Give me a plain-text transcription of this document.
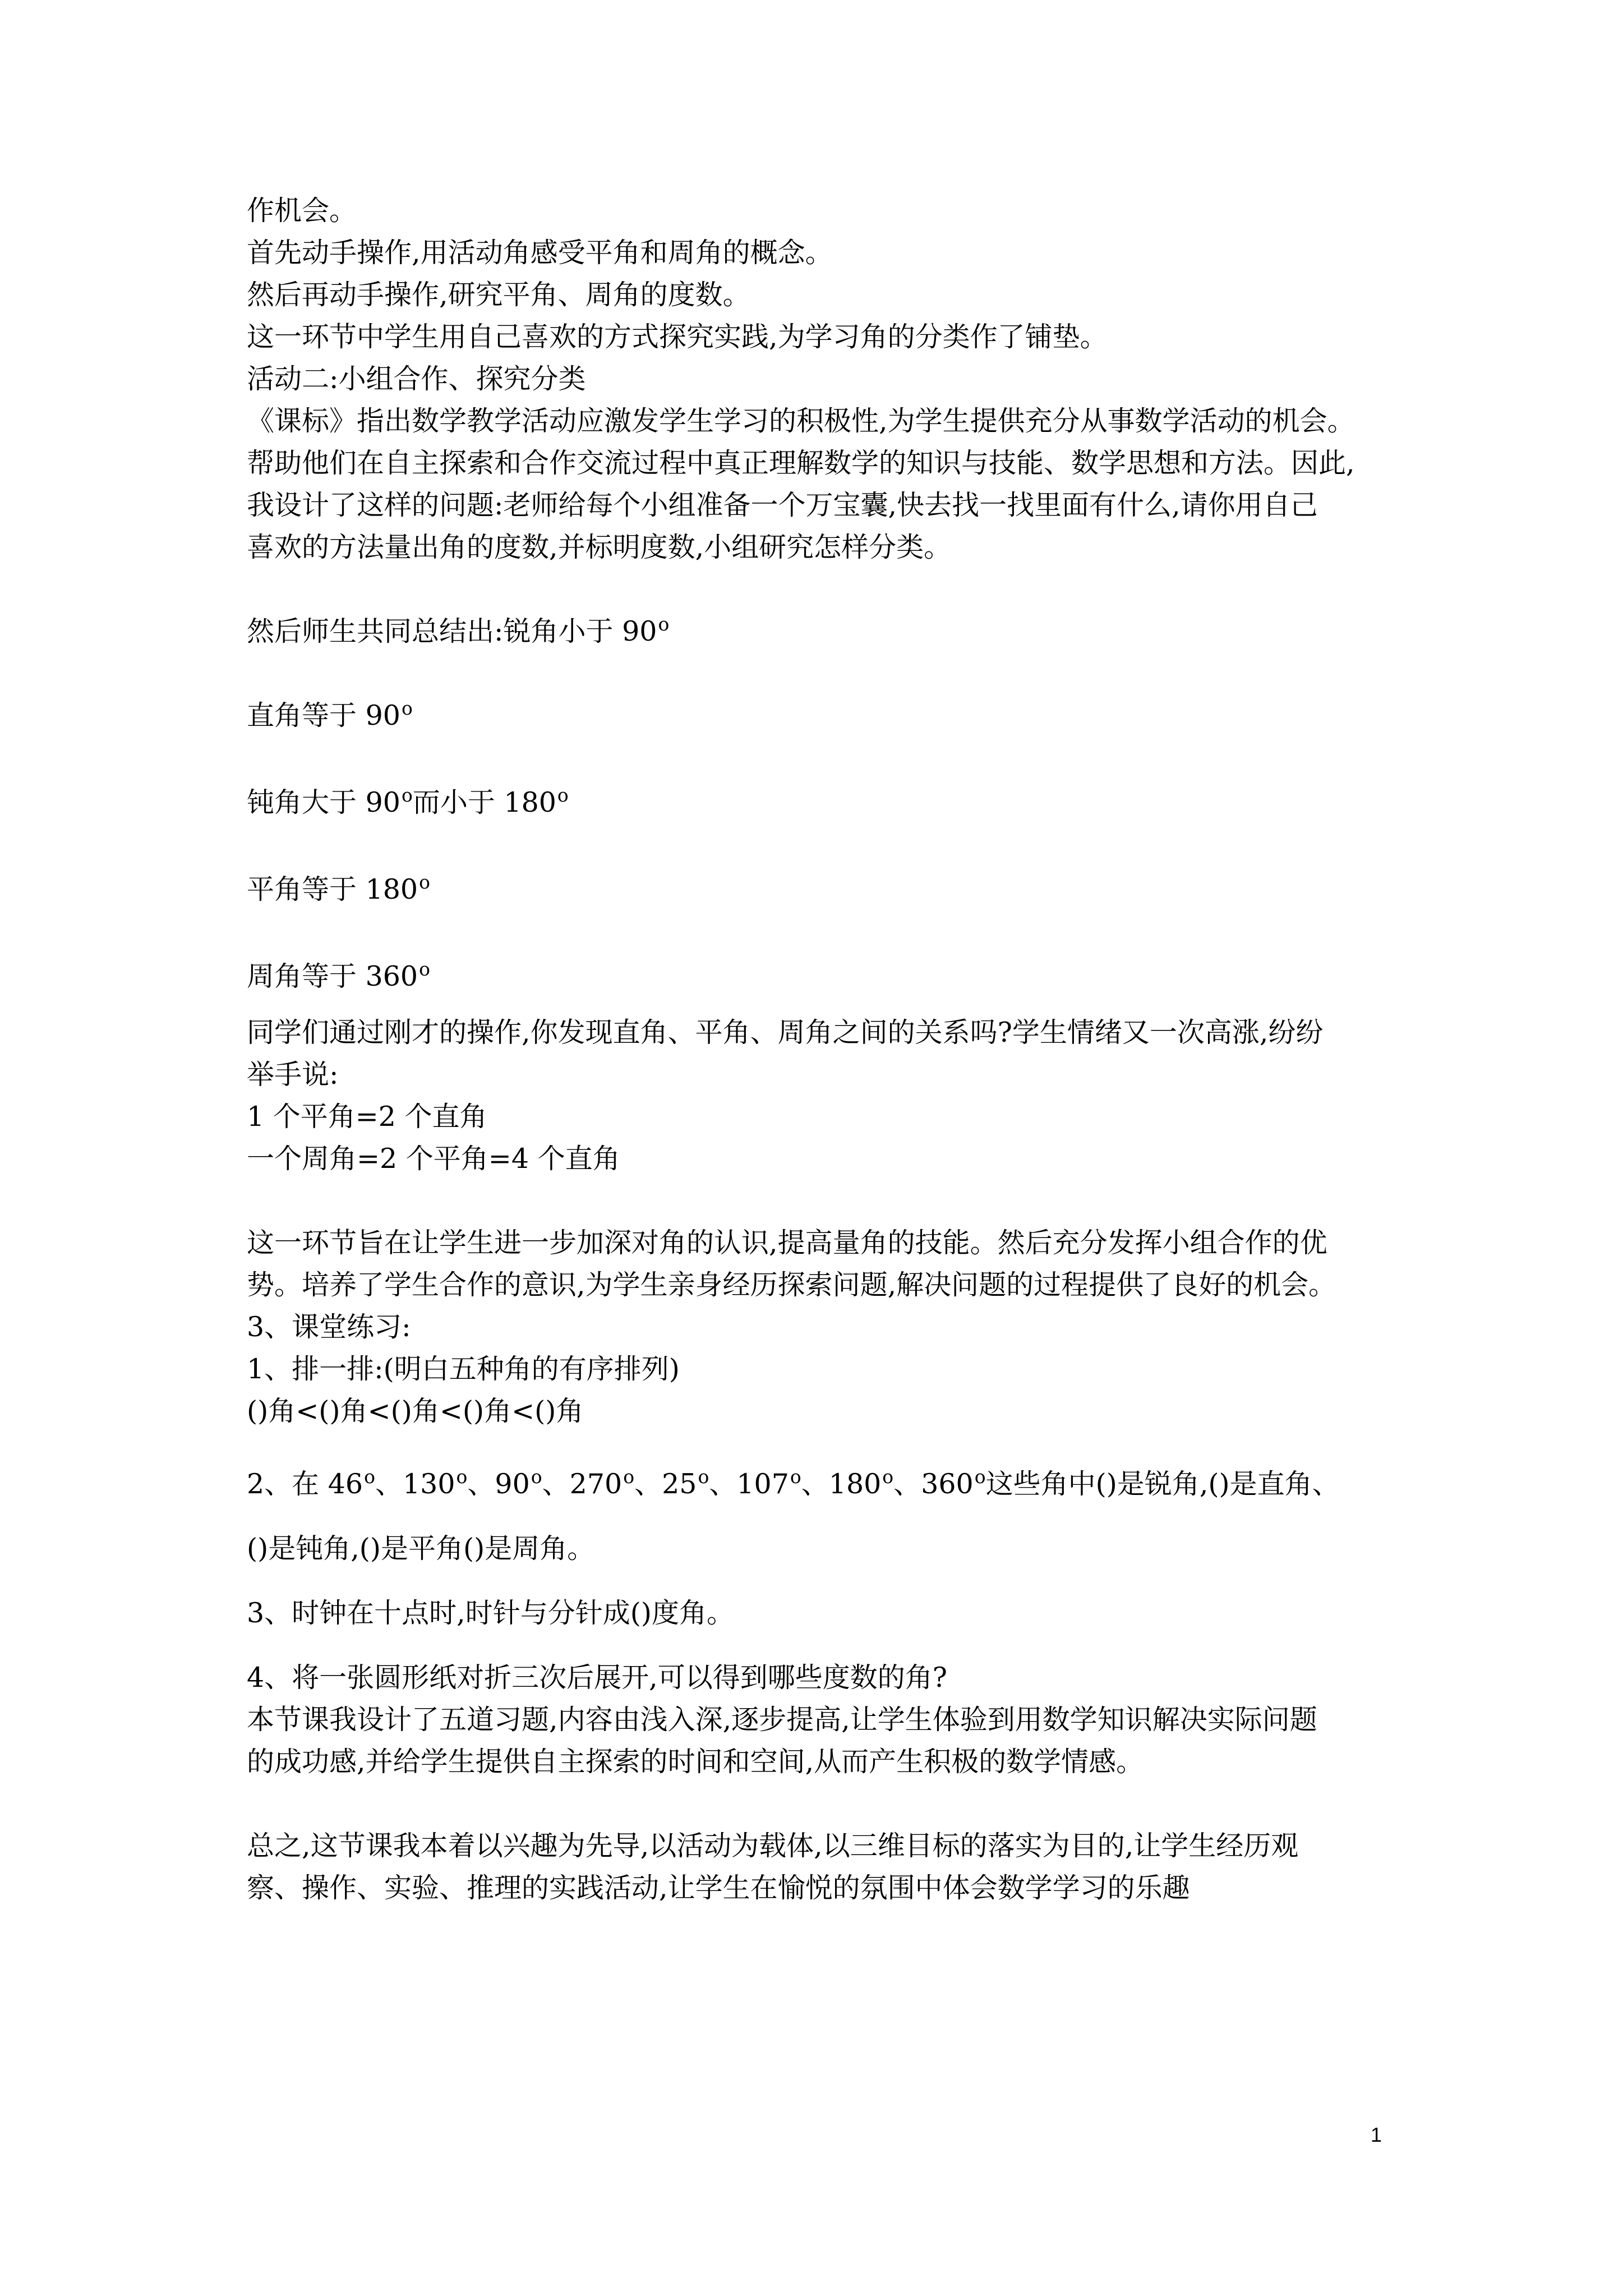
作机会。
首先动手操作,用活动角感受平角和周角的概念。
然后再动手操作,研究平角、周角的度数。
这一环节中学生用自己喜欢的方式探究实践,为学习角的分类作了铺垫。
活动二:小组合作、探究分类
《课标》指出数学教学活动应激发学生学习的积极性,为学生提供充分从事数学活动的机会。
帮助他们在自主探索和合作交流过程中真正理解数学的知识与技能、数学思想和方法。因此,
我设计了这样的问题:老师给每个小组准备一个万宝囊,快去找一找里面有什么,请你用自己
喜欢的方法量出角的度数,并标明度数,小组研究怎样分类。
然后师生共同总结出:锐角小于 90$^o$
直角等于 90$^o$
钝角大于 90$^o$而小于 180$^o$
平角等于 180$^o$
周角等于 360$^o$
同学们通过刚才的操作,你发现直角、平角、周角之间的关系吗?学生情绪又一次高涨,纷纷
举手说:
1 个平角=2 个直角
一个周角=2 个平角=4 个直角
这一环节旨在让学生进一步加深对角的认识,提高量角的技能。然后充分发挥小组合作的优
势。培养了学生合作的意识,为学生亲身经历探索问题,解决问题的过程提供了良好的机会。
3、课堂练习:
1、排一排:(明白五种角的有序排列)
()角<()角<()角<()角<()角
2、在 46$^o$、130$^o$、90$^o$、270$^o$、25$^o$、107$^o$、180$^o$、360$^o$这些角中()是锐角,()是直角、
()是钝角,()是平角()是周角。
3、时钟在十点时,时针与分针成()度角。
4、将一张圆形纸对折三次后展开,可以得到哪些度数的角?
本节课我设计了五道习题,内容由浅入深,逐步提高,让学生体验到用数学知识解决实际问题
的成功感,并给学生提供自主探索的时间和空间,从而产生积极的数学情感。
总之,这节课我本着以兴趣为先导,以活动为载体,以三维目标的落实为目的,让学生经历观
察、操作、实验、推理的实践活动,让学生在愉悦的氛围中体会数学学习的乐趣
1
